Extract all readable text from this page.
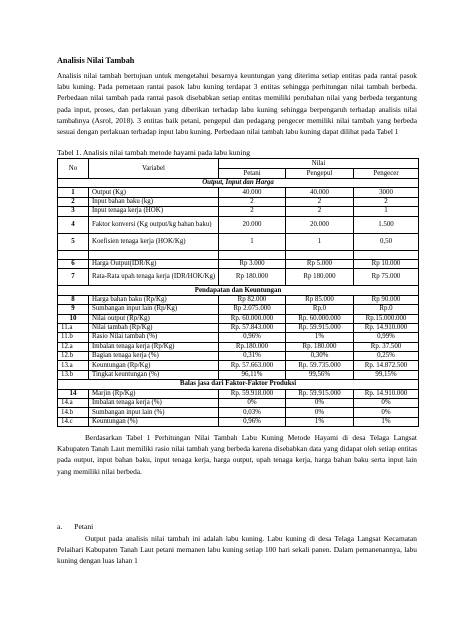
Analisis Nilai Tambah

Analisis nilai tambah bertujuan untuk mengetahui besarnya keuntungan yang diterima setiap entitas pada rantai pasok labu kuning. Pada pemetaan rantai pasok labu kuning terdapat 3 entitas sehingga perhitungan nilai tambah berbeda. Perbedaan nilai tambah pada rantai pasok disebabkan setiap entitas memiliki perubahan nilai yang berbeda tergantung pada input, proses, dan perlakuan yang diberikan terhadap labu kuning sehingga berpengaruh terhadap analisis nilai tambahnya (Asrol, 2018). 3 entitas baik petani, pengepul dan pedagang pengecer memiliki nilai tambah yang berbeda sesuai dengan perlakuan terhadap input labu kuning. Perbedaan nilai tambah labu kuning dapat dilihat pada Tabel 1

Tabel 1. Analisis nilai tambah metode hayami pada labu kuning
No	Variabel	Nilai		
		Petani	Pengepul	Pengecer
Output, Input dan Harga				
1	Output (Kg)	40.000	40.000	3000
2	Input bahan baku (kg)	2	2	2
3	Input tenaga kerja (HOK)	2	2	1
4	Faktor konversi (Kg output/kg bahan baku)	20.000	20.000	1.500
5	Koefisien tenaga kerja (HOK/Kg)	1	1	0,50

6	Harga Output(IDR/Kg)	Rp 3.000	Rp 5.000	Rp 10.000
7	Rata-Rata upah tenaga kerja (IDR/HOK/Kg)	Rp 180.000	Rp 180.000	Rp 75.000
Pendapatan dan Keuntungan				
8	Harga bahan baku (Rp/Kg)	Rp 82.000	Rp 85.000	Rp 90.000
9	Sumbangan input lain (Rp/Kg)	Rp 2.075.000	Rp.0	Rp.0
10	Nilai output (Rp/Kg)	Rp. 60.000.000	Rp. 60.000.000	Rp.15.000.000
11.a	Nilai tambah (Rp/Kg)	Rp. 57.843.000	Rp. 59.915.000	Rp. 14.910.000
11.b	Rasio Nilai tambah (%)	0,96%	1%	0,99%
12.a	Imbalan tenaga kerja (Rp/Kg)	Rp.180.000	Rp. 180.000	Rp. 37.500
12.b	Bagian tenaga kerja (%)	0,31%	0,30%	0,25%
13.a	Keuntungan (Rp/Kg)	Rp. 57.663.000	Rp. 59.735.000	Rp. 14.872.500
13.b	Tingkat keuntungan (%)	96,11%	99,56%	99,15%
Balas jasa dari Faktor-Faktor Produksi				
14	Marjin (Rp/Kg)	Rp. 59.918.000	Rp. 59.915.000	Rp. 14.910.000
14.a	Imbalan tenaga kerja (%)	0%	0%	0%
14.b	Sumbangan input lain (%)	0,03%	0%	0%
14.c	Keuntungan (%)	0,96%	1%	1%

Berdasarkan Tabel 1 Perhitungan Nilai Tambah Labu Kuning Metode Hayami di desa Telaga Langsat Kabupaten Tanah Laut memiliki rasio nilai tambah yang berbeda karena disebabkan data yang didapat oleh setiap entitas pada output, input bahan baku, input tenaga kerja, harga output, upah tenaga kerja, harga bahan baku serta input lain yang memiliki nilai berbeda.

a. Petani

Output pada analisis nilai tambah ini adalah labu kuning. Labu kuning di desa Telaga Langsat Kecamatan Pelaihari Kabupaten Tanah Laut petani memanen labu kuning setiap 100 hari sekali panen. Dalam pemanenannya, labu kuning dengan luas lahan 1
